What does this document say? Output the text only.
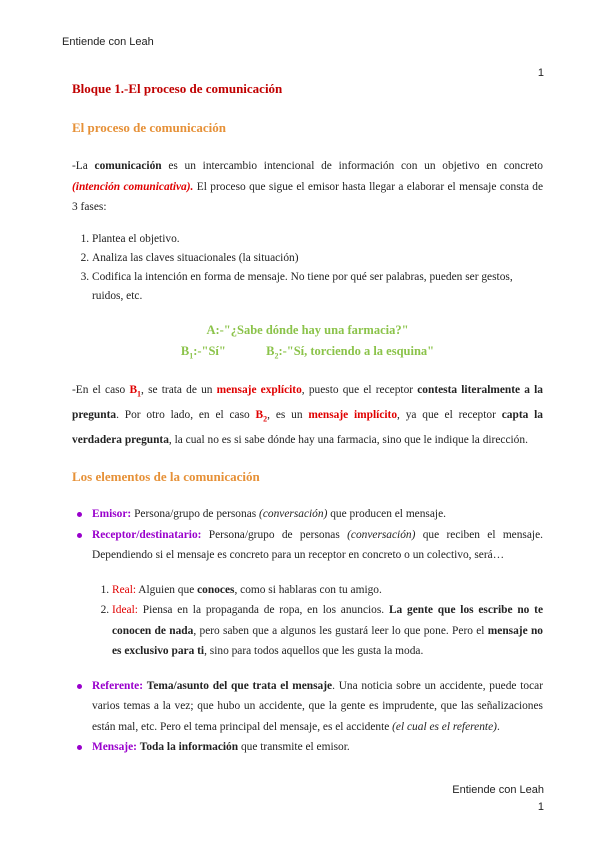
Entiende con Leah
1
Bloque 1.-El proceso de comunicación
El proceso de comunicación

-La comunicación es un intercambio intencional de información con un objetivo en concreto (intención comunicativa). El proceso que sigue el emisor hasta llegar a elaborar el mensaje consta de 3 fases:

1. Plantea el objetivo.
2. Analiza las claves situacionales (la situación)
3. Codifica la intención en forma de mensaje. No tiene por qué ser palabras, pueden ser gestos, ruidos, etc.
A:-"¿Sabe dónde hay una farmacia?"
$B_1:-"Sí$"	$B_2:-"Sí$, torciendo a la esquina"

-En el caso $B_1$, se trata de un mensaje explícito, puesto que el receptor contesta literalmente a la pregunta. Por otro lado, en el caso $B_2$, es un mensaje implícito, ya que el receptor capta la verdadera pregunta, la cual no es si sabe dónde hay una farmacia, sino que le indique la dirección.

Los elementos de la comunicación
Emisor: Persona/grupo de personas (conversación) que producen el mensaje.
Receptor/destinatario: Persona/grupo de personas (conversación) que reciben el mensaje. Dependiendo si el mensaje es concreto para un receptor en concreto o un colectivo, será…
1. Real: Alguien que conoces, como si hablaras con tu amigo.
2. Ideal: Piensa en la propaganda de ropa, en los anuncios. La gente que los escribe no te conocen de nada, pero saben que a algunos les gustará leer lo que pone. Pero el mensaje no es exclusivo para ti, sino para todos aquellos que les gusta la moda.
Referente: Tema/asunto del que trata el mensaje. Una noticia sobre un accidente, puede tocar varios temas a la vez; que hubo un accidente, que la gente es imprudente, que las señalizaciones están mal, etc. Pero el tema principal del mensaje, es el accidente (el cual es el referente).
Mensaje: Toda la información que transmite el emisor.
Entiende con Leah
1
